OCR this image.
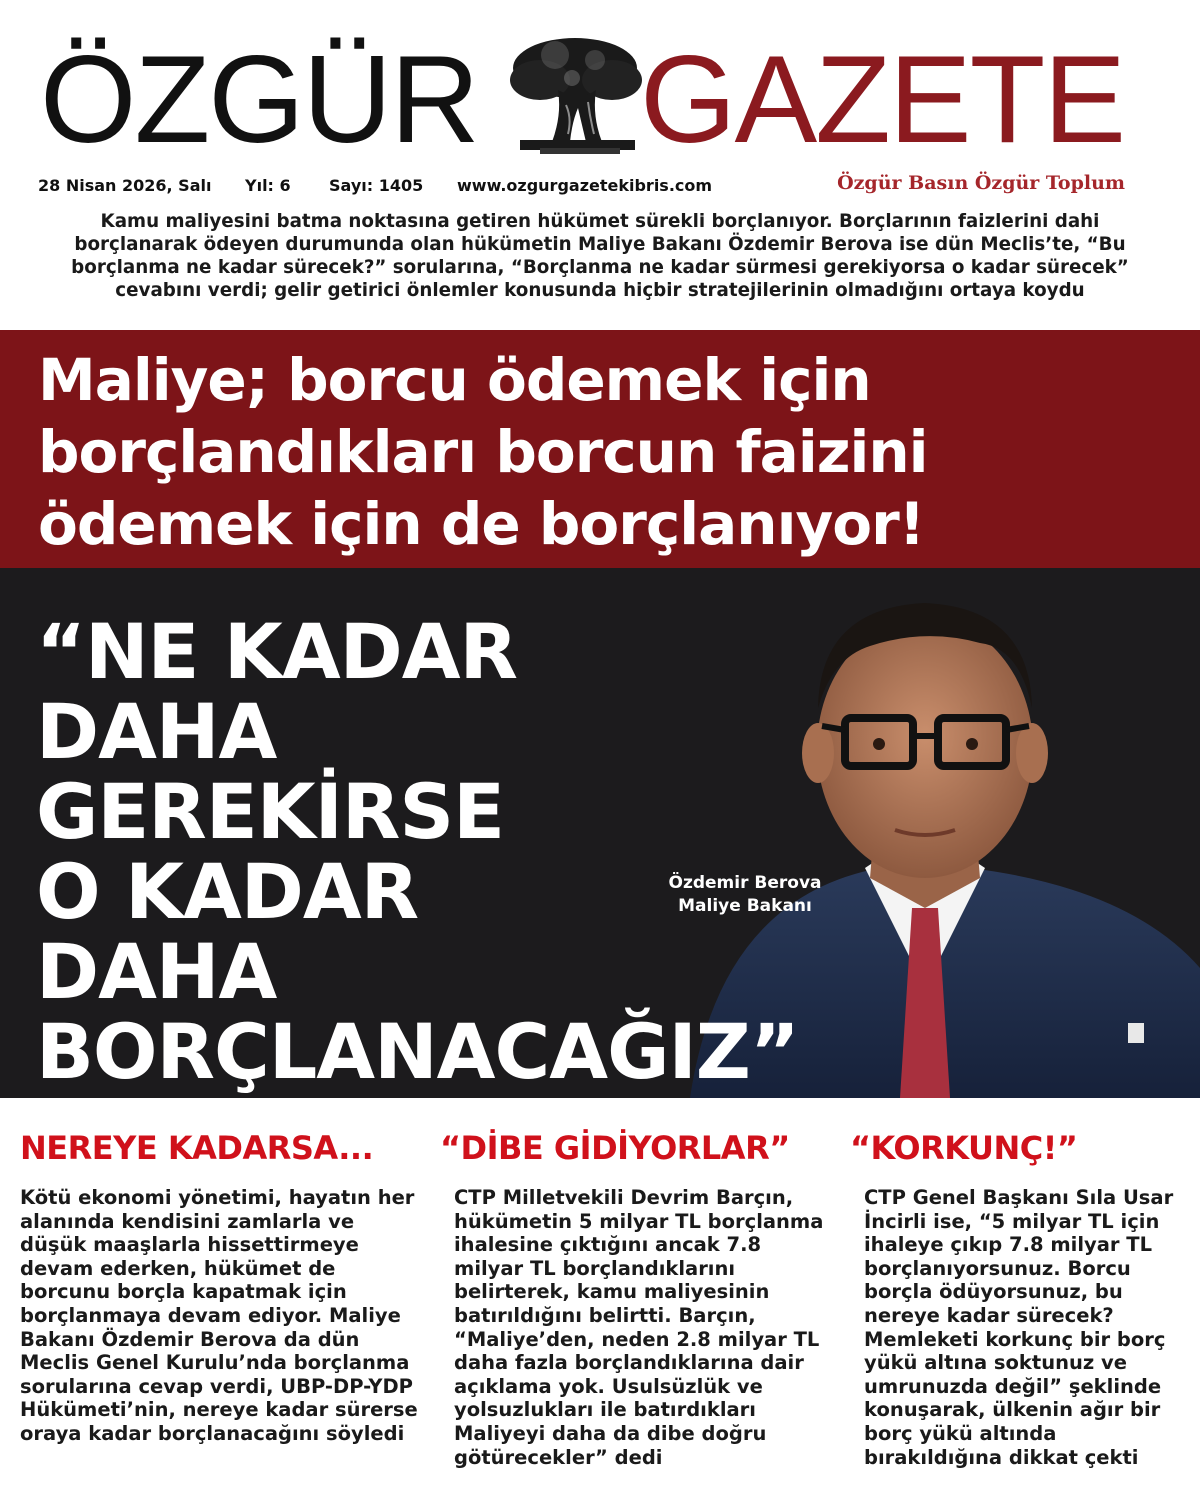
ÖZGÜR GAZETE
Özgür Basın Özgür Toplum
28 Nisan 2026, Salı	Yıl: 6	Sayı: 1405	www.ozgurgazetekibris.com
Kamu maliyesini batma noktasına getiren hükümet sürekli borçlanıyor. Borçlarının faizlerini dahi borçlanarak ödeyen durumunda olan hükümetin Maliye Bakanı Özdemir Berova ise dün Meclis’te, “Bu borçlanma ne kadar sürecek?” sorularına, “Borçlanma ne kadar sürmesi gerekiyorsa o kadar sürecek” cevabını verdi; gelir getirici önlemler konusunda hiçbir stratejilerinin olmadığını ortaya koydu
Maliye; borcu ödemek için
borçlandıkları borcun faizini
ödemek için de borçlanıyor!
“NE KADAR
DAHA
GEREKİRSE
O KADAR
DAHA
BORÇLANACAĞIZ”
Özdemir Berova
Maliye Bakanı
NEREYE KADARSA...
Kötü ekonomi yönetimi, hayatın her alanında kendisini zamlarla ve düşük maaşlarla hissettirmeye devam ederken, hükümet de borcunu borçla kapatmak için borçlanmaya devam ediyor. Maliye Bakanı Özdemir Berova da dün Meclis Genel Kurulu’nda borçlanma sorularına cevap verdi, UBP-DP-YDP Hükümeti’nin, nereye kadar sürerse oraya kadar borçlanacağını söyledi
“DİBE GİDİYORLAR”
CTP Milletvekili Devrim Barçın, hükümetin 5 milyar TL borçlanma ihalesine çıktığını ancak 7.8 milyar TL borçlandıklarını belirterek, kamu maliyesinin batırıldığını belirtti. Barçın, “Maliye’den, neden 2.8 milyar TL daha fazla borçlandıklarına dair açıklama yok. Usulsüzlük ve yolsuzlukları ile batırdıkları Maliyeyi daha da dibe doğru götürecekler” dedi
“KORKUNÇ!”
CTP Genel Başkanı Sıla Usar İncirli ise, “5 milyar TL için ihaleye çıkıp 7.8 milyar TL borçlanıyorsunuz. Borcu borçla ödüyorsunuz, bu nereye kadar sürecek? Memleketi korkunç bir borç yükü altına soktunuz ve umrunuzda değil” şeklinde konuşarak, ülkenin ağır bir borç yükü altında bırakıldığına dikkat çekti
